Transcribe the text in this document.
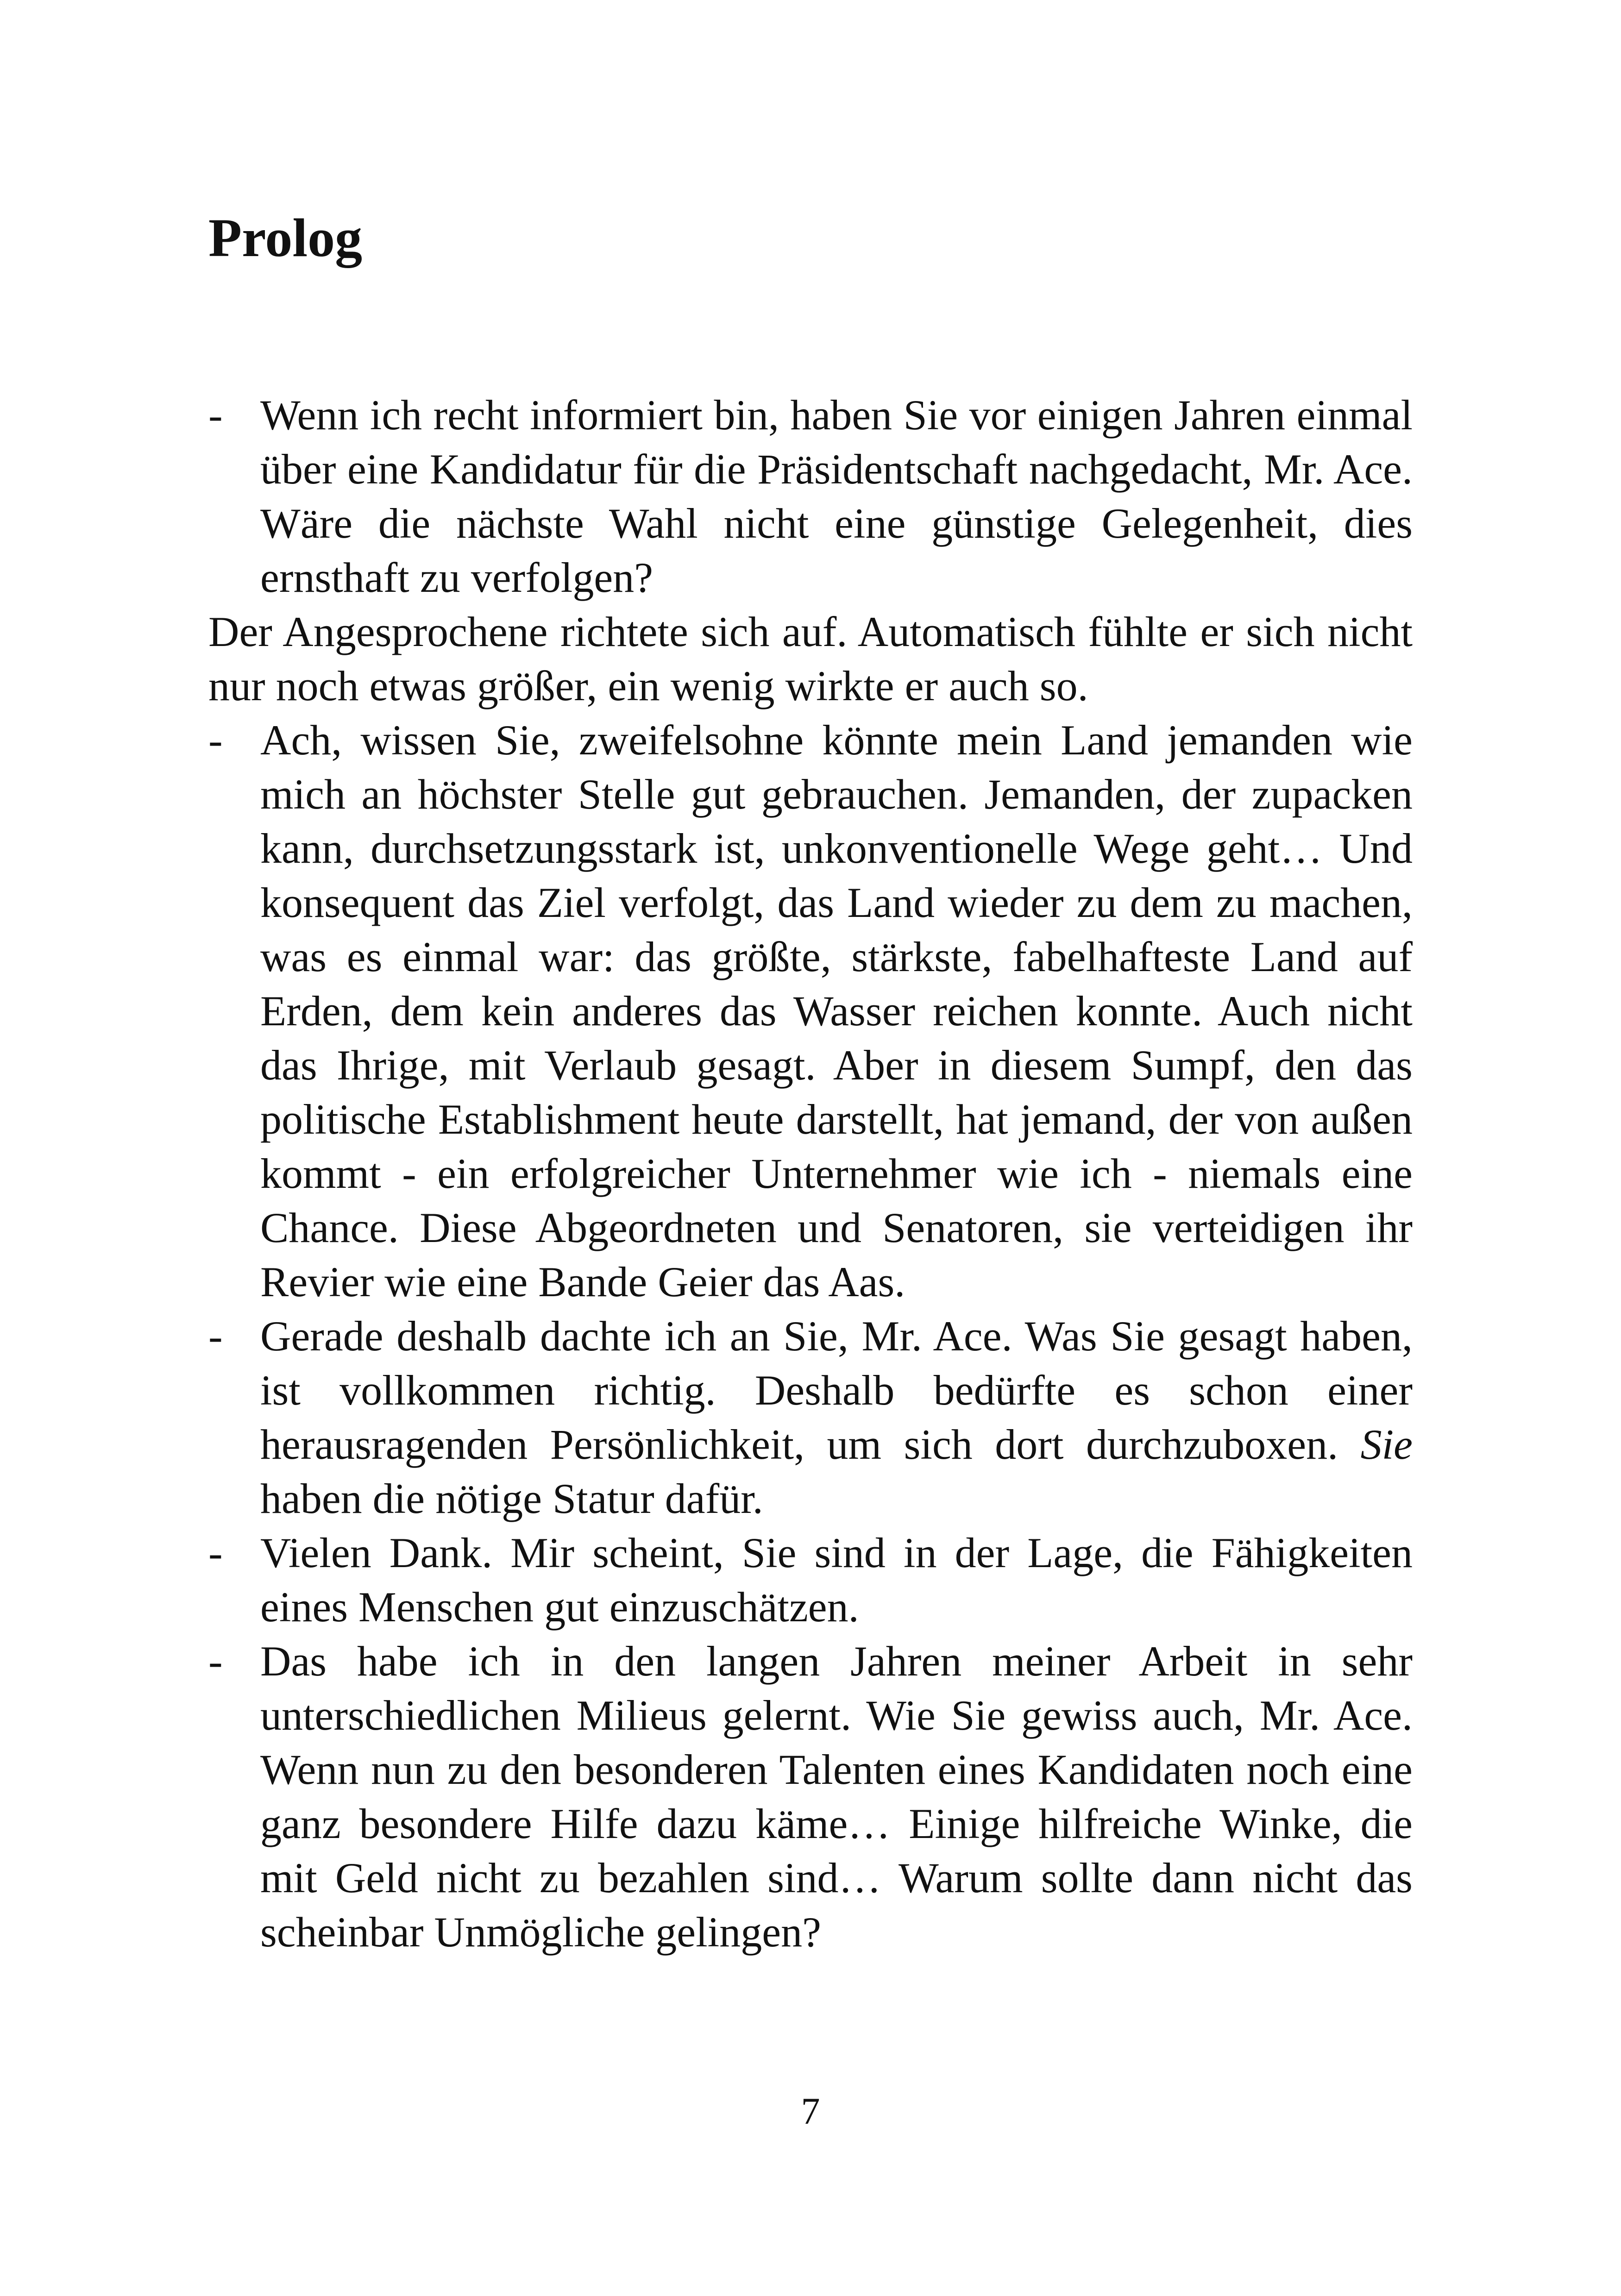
Prolog

- Wenn ich recht informiert bin, haben Sie vor einigen Jahren einmal über eine Kandidatur für die Präsidentschaft nachgedacht, Mr. Ace. Wäre die nächste Wahl nicht eine günstige Gelegenheit, dies ernsthaft zu verfolgen?

Der Angesprochene richtete sich auf. Automatisch fühlte er sich nicht nur noch etwas größer, ein wenig wirkte er auch so.

- Ach, wissen Sie, zweifelsohne könnte mein Land jemanden wie mich an höchster Stelle gut gebrauchen. Jemanden, der zupacken kann, durchsetzungsstark ist, unkonventionelle Wege geht… Und konsequent das Ziel verfolgt, das Land wieder zu dem zu machen, was es einmal war: das größte, stärkste, fabelhafteste Land auf Erden, dem kein anderes das Wasser reichen konnte. Auch nicht das Ihrige, mit Verlaub gesagt. Aber in diesem Sumpf, den das politische Establishment heute darstellt, hat jemand, der von außen kommt - ein erfolgreicher Unternehmer wie ich - niemals eine Chance. Diese Abgeordneten und Senatoren, sie verteidigen ihr Revier wie eine Bande Geier das Aas.

- Gerade deshalb dachte ich an Sie, Mr. Ace. Was Sie gesagt haben, ist vollkommen richtig. Deshalb bedürfte es schon einer herausragenden Persönlichkeit, um sich dort durchzuboxen. Sie haben die nötige Statur dafür.

- Vielen Dank. Mir scheint, Sie sind in der Lage, die Fähigkeiten eines Menschen gut einzuschätzen.

- Das habe ich in den langen Jahren meiner Arbeit in sehr unterschiedlichen Milieus gelernt. Wie Sie gewiss auch, Mr. Ace. Wenn nun zu den besonderen Talenten eines Kandidaten noch eine ganz besondere Hilfe dazu käme… Einige hilfreiche Winke, die mit Geld nicht zu bezahlen sind… Warum sollte dann nicht das scheinbar Unmögliche gelingen?

7
